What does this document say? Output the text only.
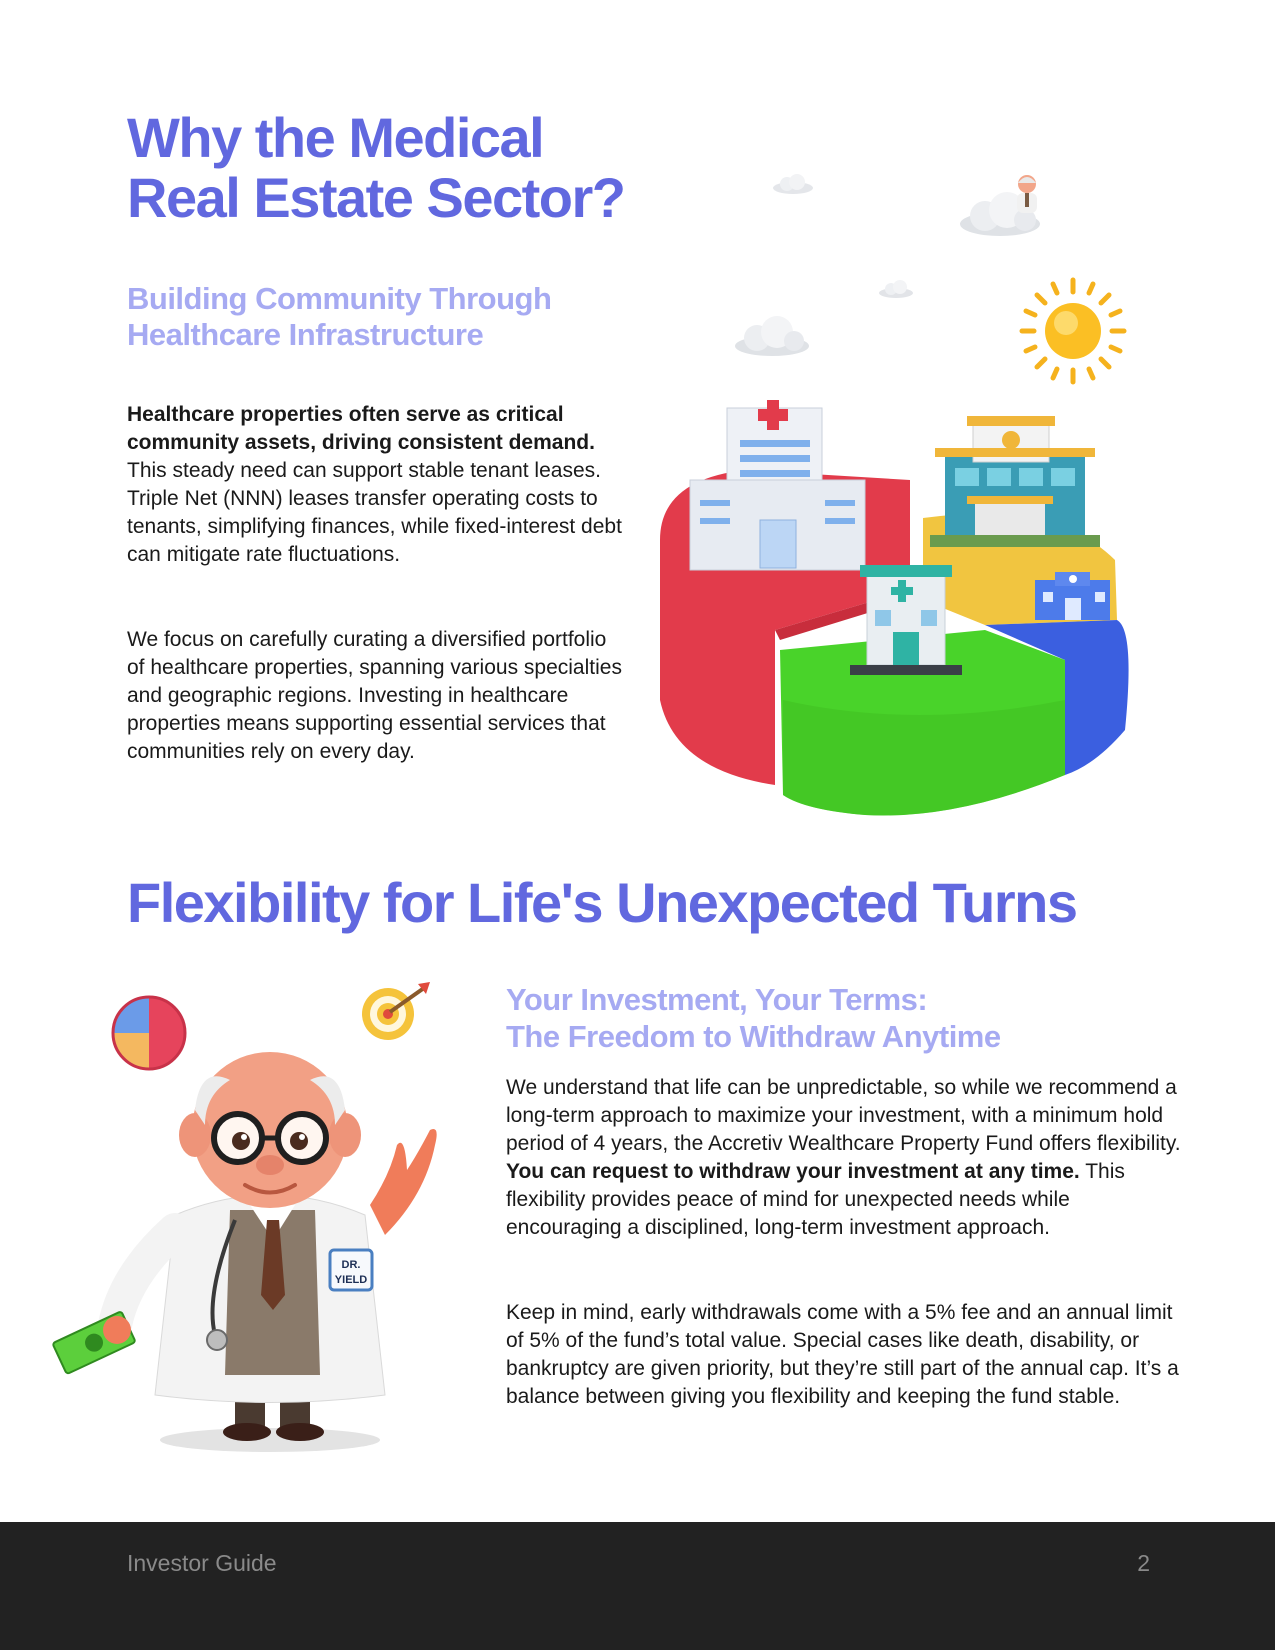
Why the Medical
Real Estate Sector?
Building Community Through
Healthcare Infrastructure

Healthcare properties often serve as critical community assets, driving consistent demand. This steady need can support stable tenant leases. Triple Net (NNN) leases transfer operating costs to tenants, simplifying finances, while fixed-interest debt can mitigate rate fluctuations.

We focus on carefully curating a diversified portfolio of healthcare properties, spanning various specialties and geographic regions. Investing in healthcare properties means supporting essential services that communities rely on every day.

Flexibility for Life's Unexpected Turns
DR.
YIELD
Your Investment, Your Terms:
The Freedom to Withdraw Anytime

We understand that life can be unpredictable, so while we recommend a long-term approach to maximize your investment, with a minimum hold period of 4 years, the Accretiv Wealthcare Property Fund offers flexibility. You can request to withdraw your investment at any time. This flexibility provides peace of mind for unexpected needs while encouraging a disciplined, long-term investment approach.

Keep in mind, early withdrawals come with a 5% fee and an annual limit of 5% of the fund’s total value. Special cases like death, disability, or bankruptcy are given priority, but they’re still part of the annual cap. It’s a balance between giving you flexibility and keeping the fund stable.

Investor Guide	2
